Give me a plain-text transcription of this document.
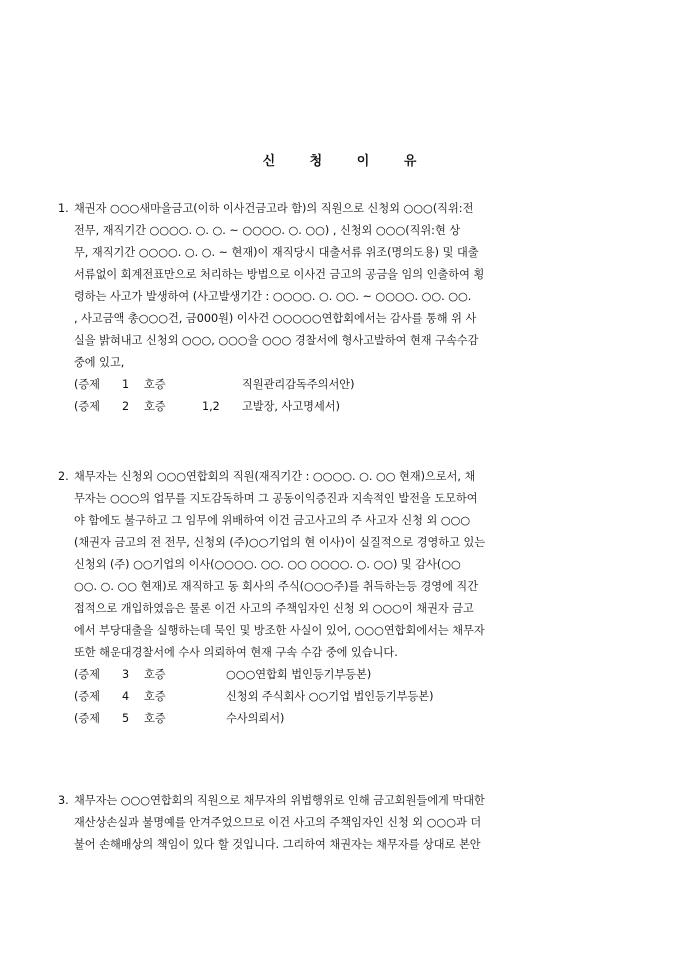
신 청 이 유
1. 채권자 ○○○새마을금고(이하 이사건금고라 함)의 직원으로 신청외 ○○○(직위:전
전무, 재직기간 ○○○○. ○. ○. ~ ○○○○. ○. ○○) , 신청외 ○○○(직위:현 상
무, 재직기간 ○○○○. ○. ○. ~ 현재)이 재직당시 대출서류 위조(명의도용) 및 대출
서류없이 회계전표만으로 처리하는 방법으로 이사건 금고의 공금을 임의 인출하여 횡
령하는 사고가 발생하여 (사고발생기간 : ○○○○. ○. ○○. ~ ○○○○. ○○. ○○.
, 사고금액 총○○○건, 금000원) 이사건 ○○○○○연합회에서는 감사를 통해 위 사
실을 밝혀내고 신청외 ○○○, ○○○을 ○○○ 경찰서에 형사고발하여 현재 구속수감
중에 있고,
(증제 1 호증	직원관리감독주의서안)
(증제 2 호증	1,2 고발장, 사고명세서)
2. 채무자는 신청외 ○○○연합회의 직원(재직기간 : ○○○○. ○. ○○ 현재)으로서, 채
무자는 ○○○의 업무를 지도감독하며 그 공동이익증진과 지속적인 발전을 도모하여
야 함에도 불구하고 그 임무에 위배하여 이건 금고사고의 주 사고자 신청 외 ○○○
(채권자 금고의 전 전무, 신청외 (주)○○기업의 현 이사)이 실질적으로 경영하고 있는
신청외 (주) ○○기업의 이사(○○○○. ○○. ○○ ○○○○. ○. ○○) 및 감사(○○
○○. ○. ○○ 현재)로 재직하고 동 회사의 주식(○○○주)를 취득하는등 경영에 직간
접적으로 개입하였음은 물론 이건 사고의 주책임자인 신청 외 ○○○이 채권자 금고
에서 부당대출을 실행하는데 묵인 및 방조한 사실이 있어, ○○○연합회에서는 채무자
또한 해운대경찰서에 수사 의뢰하여 현재 구속 수감 중에 있습니다.
(증제 3 호증	○○○연합회 법인등기부등본)
(증제 4 호증	신청외 주식회사 ○○기업 법인등기부등본)
(증제 5 호증	수사의뢰서)
3. 채무자는 ○○○연합회의 직원으로 채무자의 위법행위로 인해 금고회원들에게 막대한
재산상손실과 불명예를 안겨주었으므로 이건 사고의 주책임자인 신청 외 ○○○과 더
불어 손해배상의 책임이 있다 할 것입니다. 그리하여 채권자는 채무자를 상대로 본안
